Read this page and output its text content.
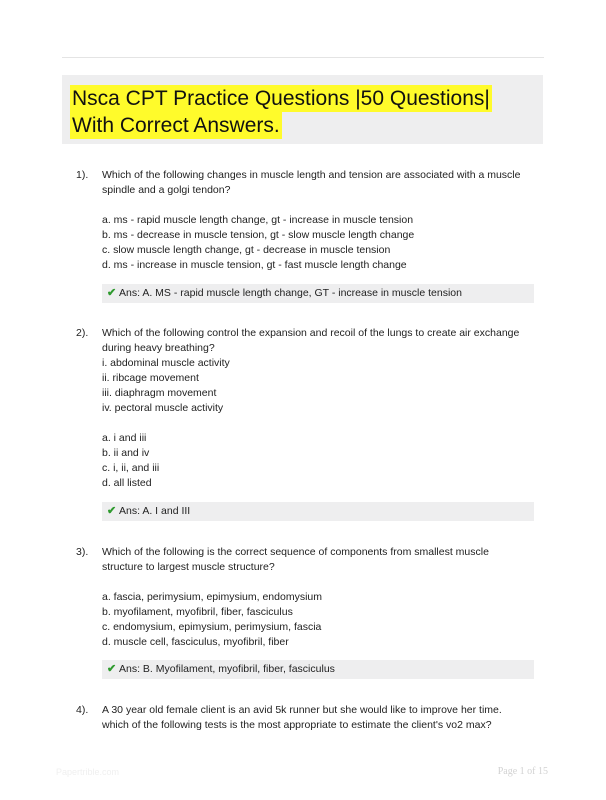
Nsca CPT Practice Questions |50 Questions|
With Correct Answers.
1). Which of the following changes in muscle length and tension are associated with a muscle
spindle and a golgi tendon?
a. ms - rapid muscle length change, gt - increase in muscle tension
b. ms - decrease in muscle tension, gt - slow muscle length change
c. slow muscle length change, gt - decrease in muscle tension
d. ms - increase in muscle tension, gt - fast muscle length change
✔ Ans: A. MS - rapid muscle length change, GT - increase in muscle tension
2). Which of the following control the expansion and recoil of the lungs to create air exchange
during heavy breathing?
i. abdominal muscle activity
ii. ribcage movement
iii. diaphragm movement
iv. pectoral muscle activity
a. i and iii
b. ii and iv
c. i, ii, and iii
d. all listed
✔ Ans: A. I and III
3). Which of the following is the correct sequence of components from smallest muscle
structure to largest muscle structure?
a. fascia, perimysium, epimysium, endomysium
b. myofilament, myofibril, fiber, fasciculus
c. endomysium, epimysium, perimysium, fascia
d. muscle cell, fasciculus, myofibril, fiber
✔ Ans: B. Myofilament, myofibril, fiber, fasciculus
4). A 30 year old female client is an avid 5k runner but she would like to improve her time.
which of the following tests is the most appropriate to estimate the client's vo2 max?
Papertrible.com	Page 1 of 15
